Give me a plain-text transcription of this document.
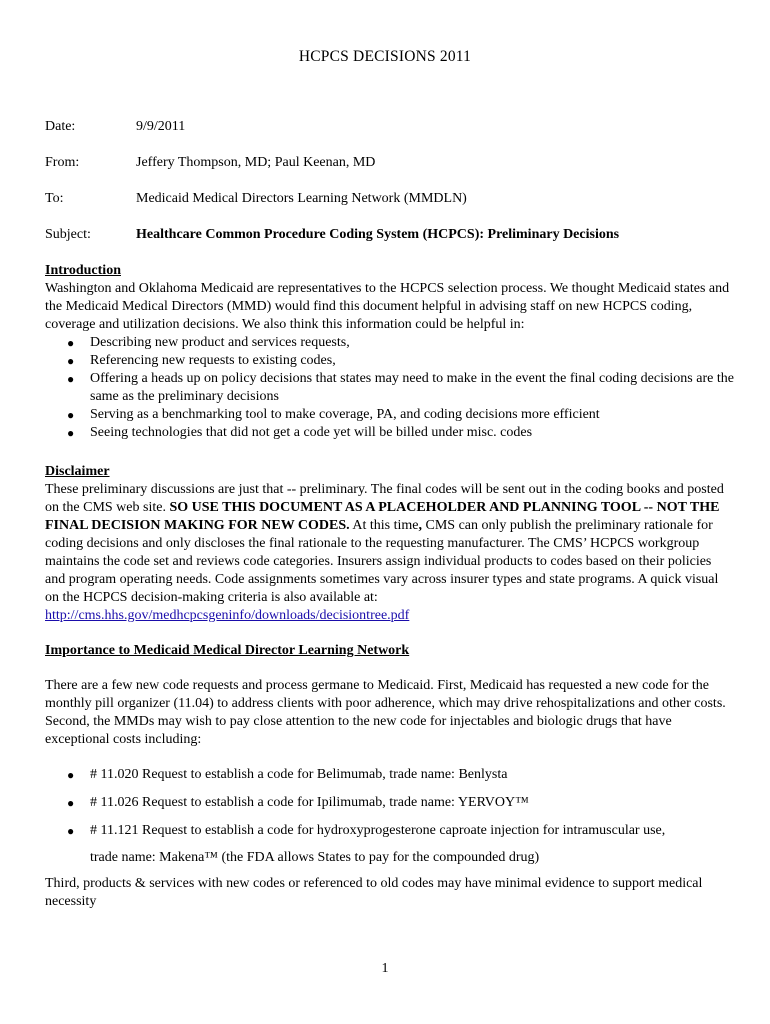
HCPCS DECISIONS 2011
Date:	9/9/2011
From:	Jeffery Thompson, MD; Paul Keenan, MD
To:	Medicaid Medical Directors Learning Network (MMDLN)
Subject:	Healthcare Common Procedure Coding System (HCPCS): Preliminary Decisions
Introduction

Washington and Oklahoma Medicaid are representatives to the HCPCS selection process. We thought Medicaid states and the Medicaid Medical Directors (MMD) would find this document helpful in advising staff on new HCPCS coding, coverage and utilization decisions. We also think this information could be helpful in:

● Describing new product and services requests,
● Referencing new requests to existing codes,
● Offering a heads up on policy decisions that states may need to make in the event the final coding decisions are the same as the preliminary decisions
● Serving as a benchmarking tool to make coverage, PA, and coding decisions more efficient
● Seeing technologies that did not get a code yet will be billed under misc. codes
Disclaimer

These preliminary discussions are just that -- preliminary. The final codes will be sent out in the coding books and posted on the CMS web site. SO USE THIS DOCUMENT AS A PLACEHOLDER AND PLANNING TOOL -- NOT THE FINAL DECISION MAKING FOR NEW CODES. At this time, CMS can only publish the preliminary rationale for coding decisions and only discloses the final rationale to the requesting manufacturer. The CMS’ HCPCS workgroup maintains the code set and reviews code categories. Insurers assign individual products to codes based on their policies and program operating needs. Code assignments sometimes vary across insurer types and state programs. A quick visual on the HCPCS decision-making criteria is also available at: http://cms.hhs.gov/medhcpcsgeninfo/downloads/decisiontree.pdf

Importance to Medicaid Medical Director Learning Network

There are a few new code requests and process germane to Medicaid. First, Medicaid has requested a new code for the monthly pill organizer (11.04) to address clients with poor adherence, which may drive rehospitalizations and other costs. Second, the MMDs may wish to pay close attention to the new code for injectables and biologic drugs that have exceptional costs including:

● # 11.020 Request to establish a code for Belimumab, trade name: Benlysta
● # 11.026 Request to establish a code for Ipilimumab, trade name: YERVOY™
● # 11.121 Request to establish a code for hydroxyprogesterone caproate injection for intramuscular use,

trade name: Makena™ (the FDA allows States to pay for the compounded drug)

Third, products & services with new codes or referenced to old codes may have minimal evidence to support medical necessity

1
